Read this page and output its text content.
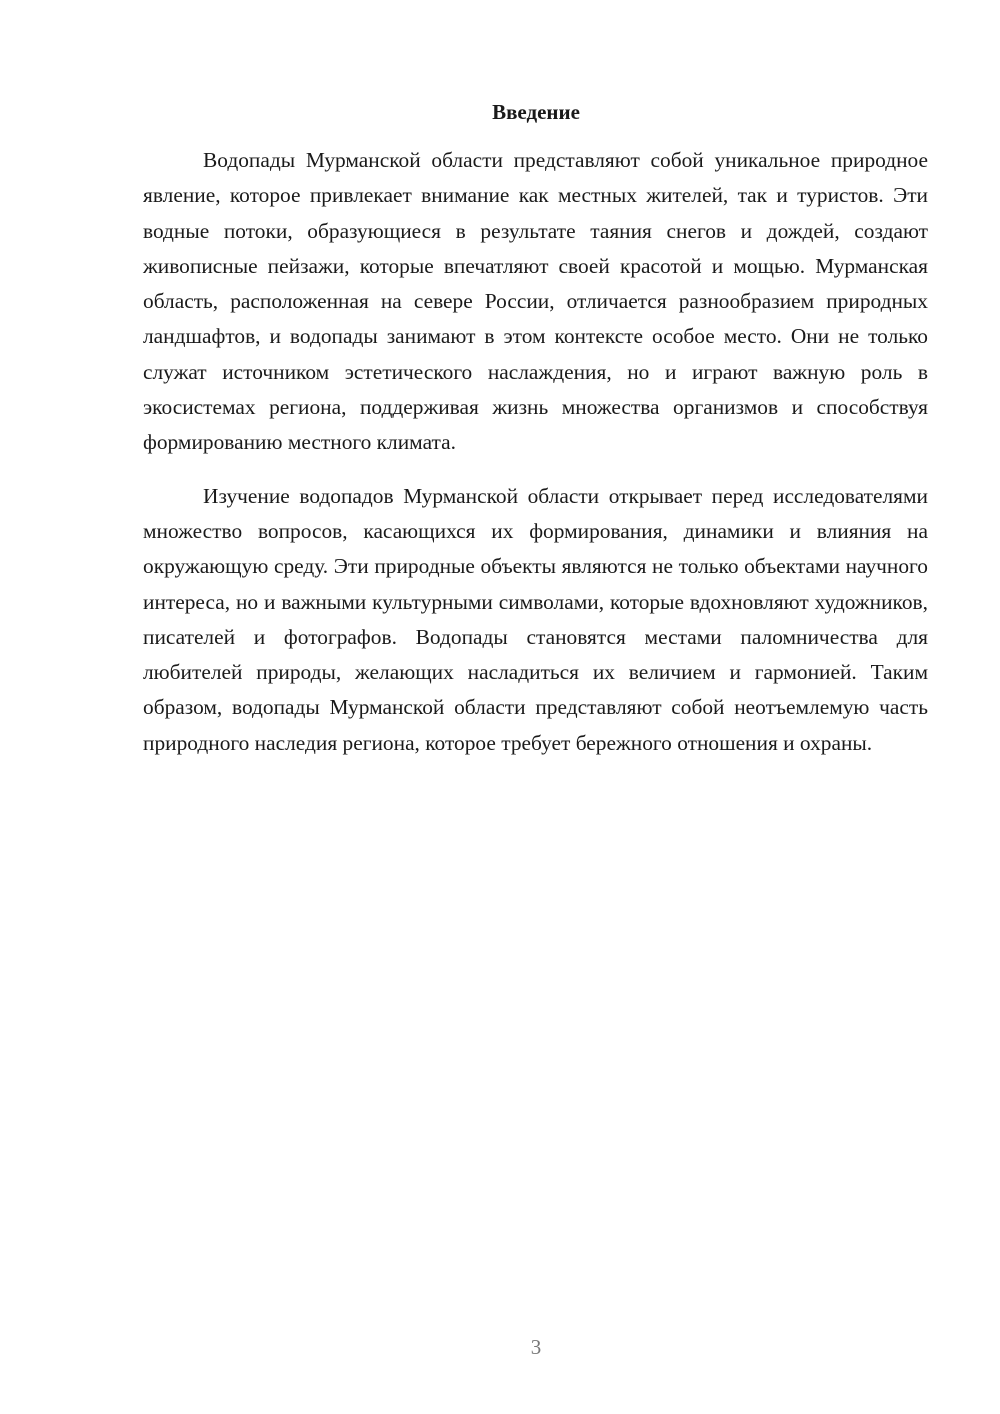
Введение

Водопады Мурманской области представляют собой уникальное природное явление, которое привлекает внимание как местных жителей, так и туристов. Эти водные потоки, образующиеся в результате таяния снегов и дождей, создают живописные пейзажи, которые впечатляют своей красотой и мощью. Мурманская область, расположенная на севере России, отличается разнообразием природных ландшафтов, и водопады занимают в этом контексте особое место. Они не только служат источником эстетического наслаждения, но и играют важную роль в экосистемах региона, поддерживая жизнь множества организмов и способствуя формированию местного климата.

Изучение водопадов Мурманской области открывает перед исследователями множество вопросов, касающихся их формирования, динамики и влияния на окружающую среду. Эти природные объекты являются не только объектами научного интереса, но и важными культурными символами, которые вдохновляют художников, писателей и фотографов. Водопады становятся местами паломничества для любителей природы, желающих насладиться их величием и гармонией. Таким образом, водопады Мурманской области представляют собой неотъемлемую часть природного наследия региона, которое требует бережного отношения и охраны.

3
